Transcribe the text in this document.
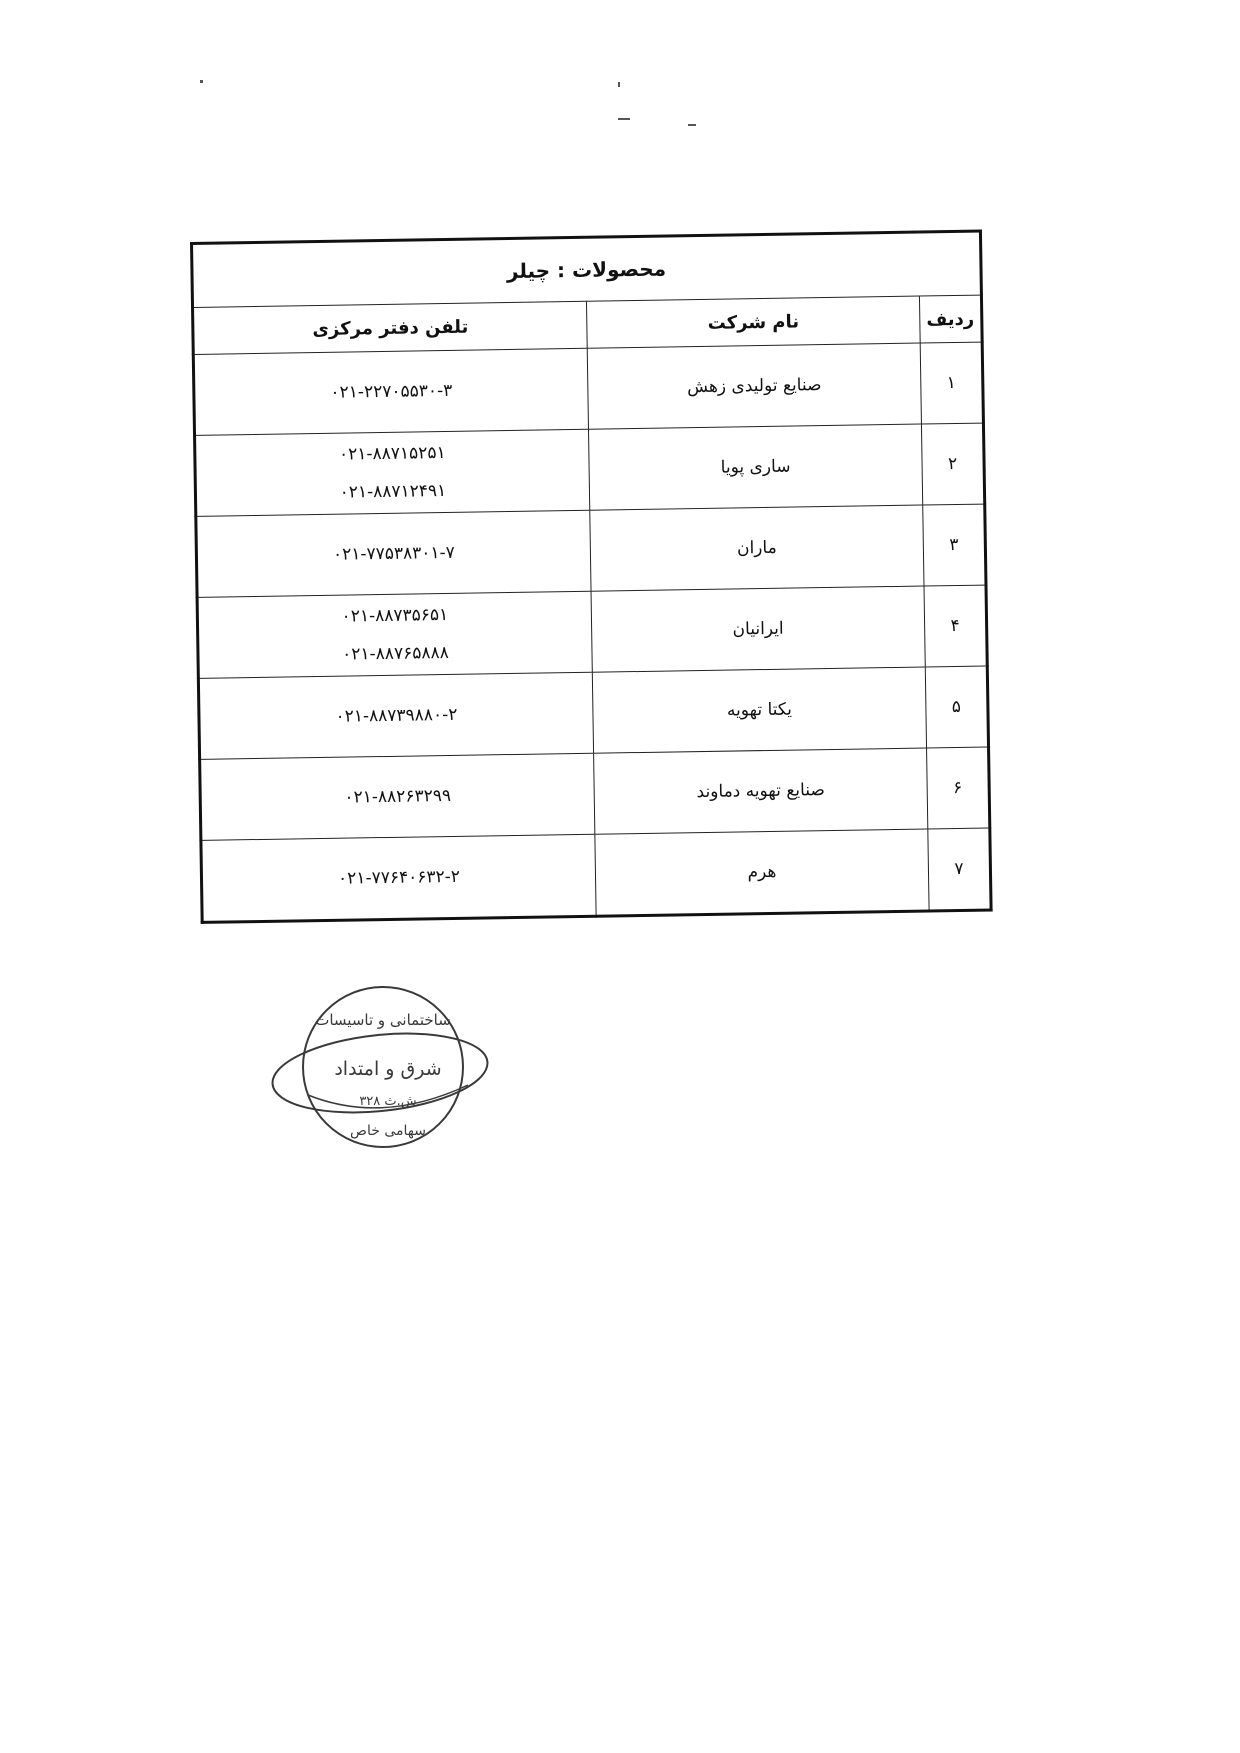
محصولات : چیلر		
ردیف	نام شرکت	تلفن دفتر مرکزی
۱	صنایع تولیدی زهش	۰۲۱-۲۲۷۰۵۵۳۰-۳

۲	ساری پویا	۰۲۱-۸۸۷۱۵۲۵۱
۰۲۱-۸۸۷۱۲۴۹۱

۳	ماران	۰۲۱-۷۷۵۳۸۳۰۱-۷

۴	ایرانیان	۰۲۱-۸۸۷۳۵۶۵۱
۰۲۱-۸۸۷۶۵۸۸۸

۵	یکتا تهویه	۰۲۱-۸۸۷۳۹۸۸۰-۲

۶	صنایع تهویه دماوند	۰۲۱-۸۸۲۶۳۲۹۹

۷	هرم	۰۲۱-۷۷۶۴۰۶۳۲-۲
ساختمانی و تاسیسات
شرق و امتداد
ش.ث ۳۲۸
سهامی خاص
